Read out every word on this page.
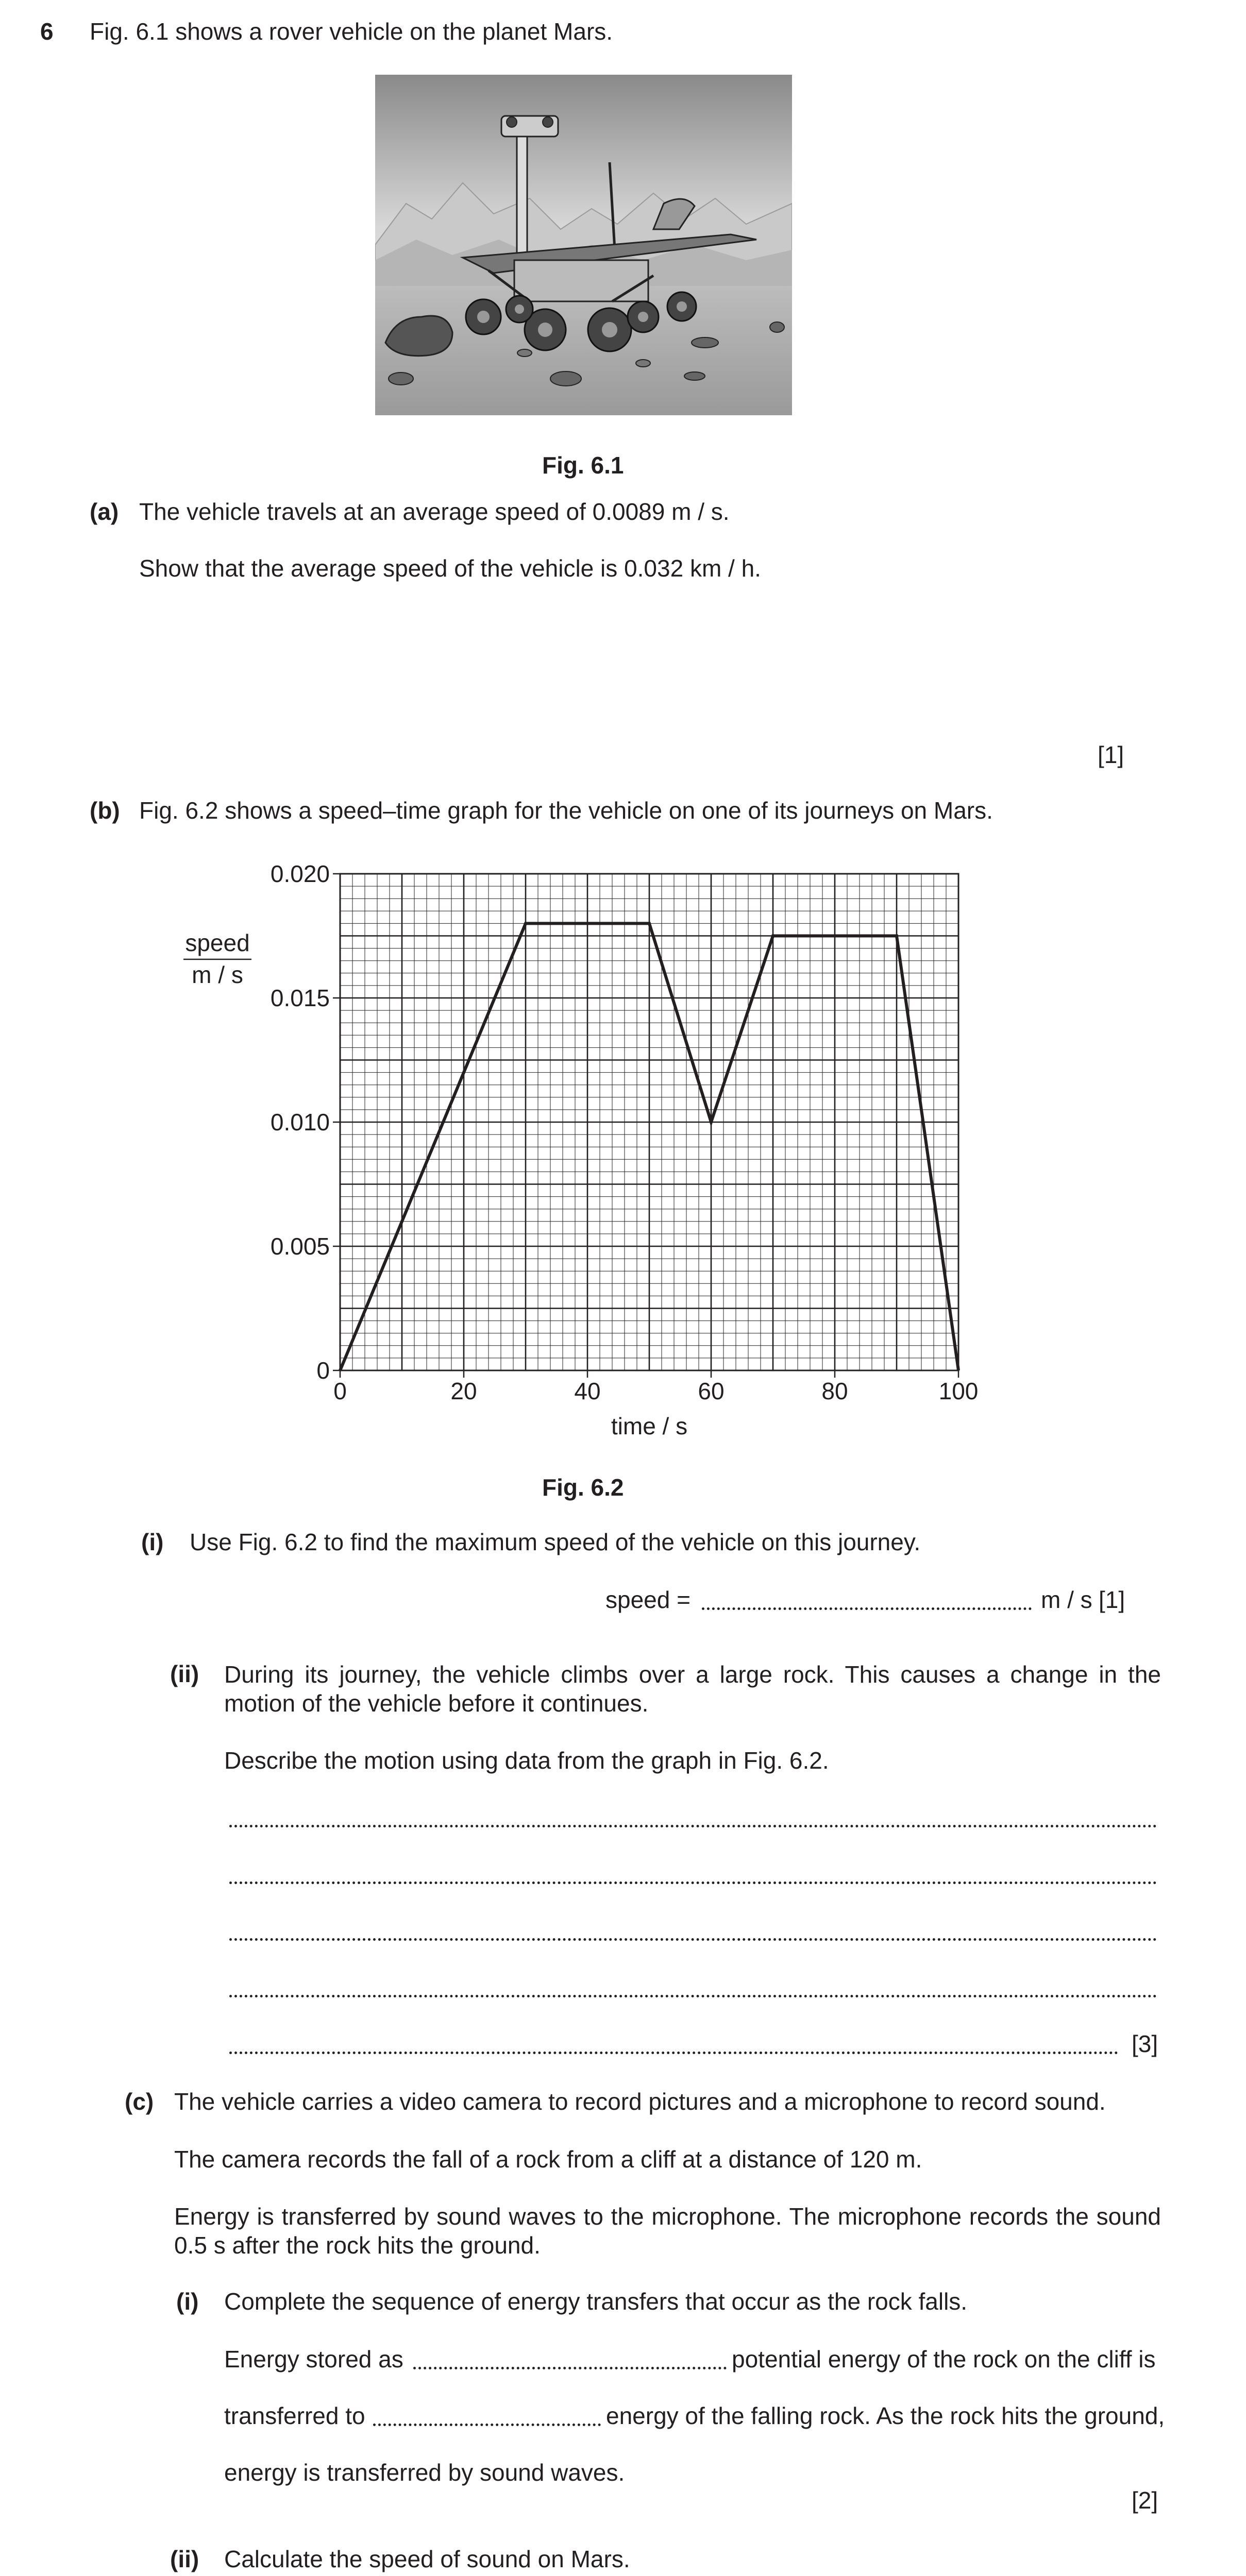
6 Fig. 6.1 shows a rover vehicle on the planet Mars.
Fig. 6.1
(a) The vehicle travels at an average speed of 0.0089 m / s.
Show that the average speed of the vehicle is 0.032 km / h.
[1]
(b) Fig. 6.2 shows a speed–time graph for the vehicle on one of its journeys on Mars.
0	20	40	60	80	100
0
0.005
0.010
0.015
0.020
time / s
speed
m / s
Fig. 6.2
(i) Use Fig. 6.2 to find the maximum speed of the vehicle on this journey.
speed =	m / s [1]
(ii) During its journey, the vehicle climbs over a large rock. This causes a change in the motion of the vehicle before it continues.
Describe the motion using data from the graph in Fig. 6.2.
[3]
(c) The vehicle carries a video camera to record pictures and a microphone to record sound.
The camera records the fall of a rock from a cliff at a distance of 120 m.
Energy is transferred by sound waves to the microphone. The microphone records the sound 0.5 s after the rock hits the ground.
(i) Complete the sequence of energy transfers that occur as the rock falls.
Energy stored as	potential energy of the rock on the cliff is
transferred to	energy of the falling rock. As the rock hits the ground,
energy is transferred by sound waves.
[2]
(ii) Calculate the speed of sound on Mars.
